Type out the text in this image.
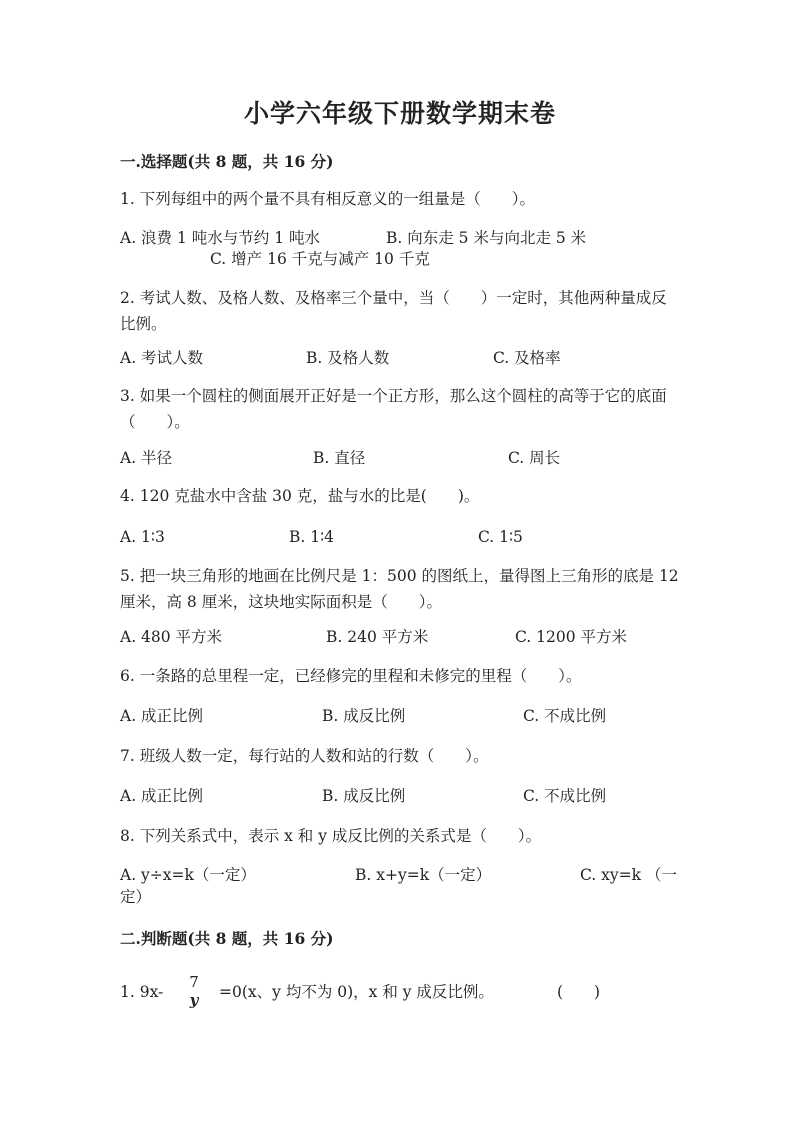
小学六年级下册数学期末卷
一.选择题(共 8 题，共 16 分)
1. 下列每组中的两个量不具有相反意义的一组量是（　　）。
A. 浪费 1 吨水与节约 1 吨水	B. 向东走 5 米与向北走 5 米
C. 增产 16 千克与减产 10 千克
2. 考试人数、及格人数、及格率三个量中，当（　　）一定时，其他两种量成反比例。
A. 考试人数	B. 及格人数	C. 及格率
3. 如果一个圆柱的侧面展开正好是一个正方形，那么这个圆柱的高等于它的底面（　　）。
A. 半径	B. 直径	C. 周长
4. 120 克盐水中含盐 30 克，盐与水的比是(　　)。
A. 1∶3	B. 1∶4	C. 1∶5
5. 把一块三角形的地画在比例尺是 1：500 的图纸上，量得图上三角形的底是 12 厘米，高 8 厘米，这块地实际面积是（　　）。
A. 480 平方米	B. 240 平方米	C. 1200 平方米
6. 一条路的总里程一定，已经修完的里程和未修完的里程（　　）。
A. 成正比例	B. 成反比例	C. 不成比例
7. 班级人数一定，每行站的人数和站的行数（　　）。
A. 成正比例	B. 成反比例	C. 不成比例
8. 下列关系式中，表示 x 和 y 成反比例的关系式是（　　）。
A. y÷x=k（一定）	B. x+y=k（一定）	C. xy=k （一
定）
二.判断题(共 8 题，共 16 分)
1. 9x-
7
y	=0(x、y 均不为 0)，x 和 y 成反比例。	(　　)
